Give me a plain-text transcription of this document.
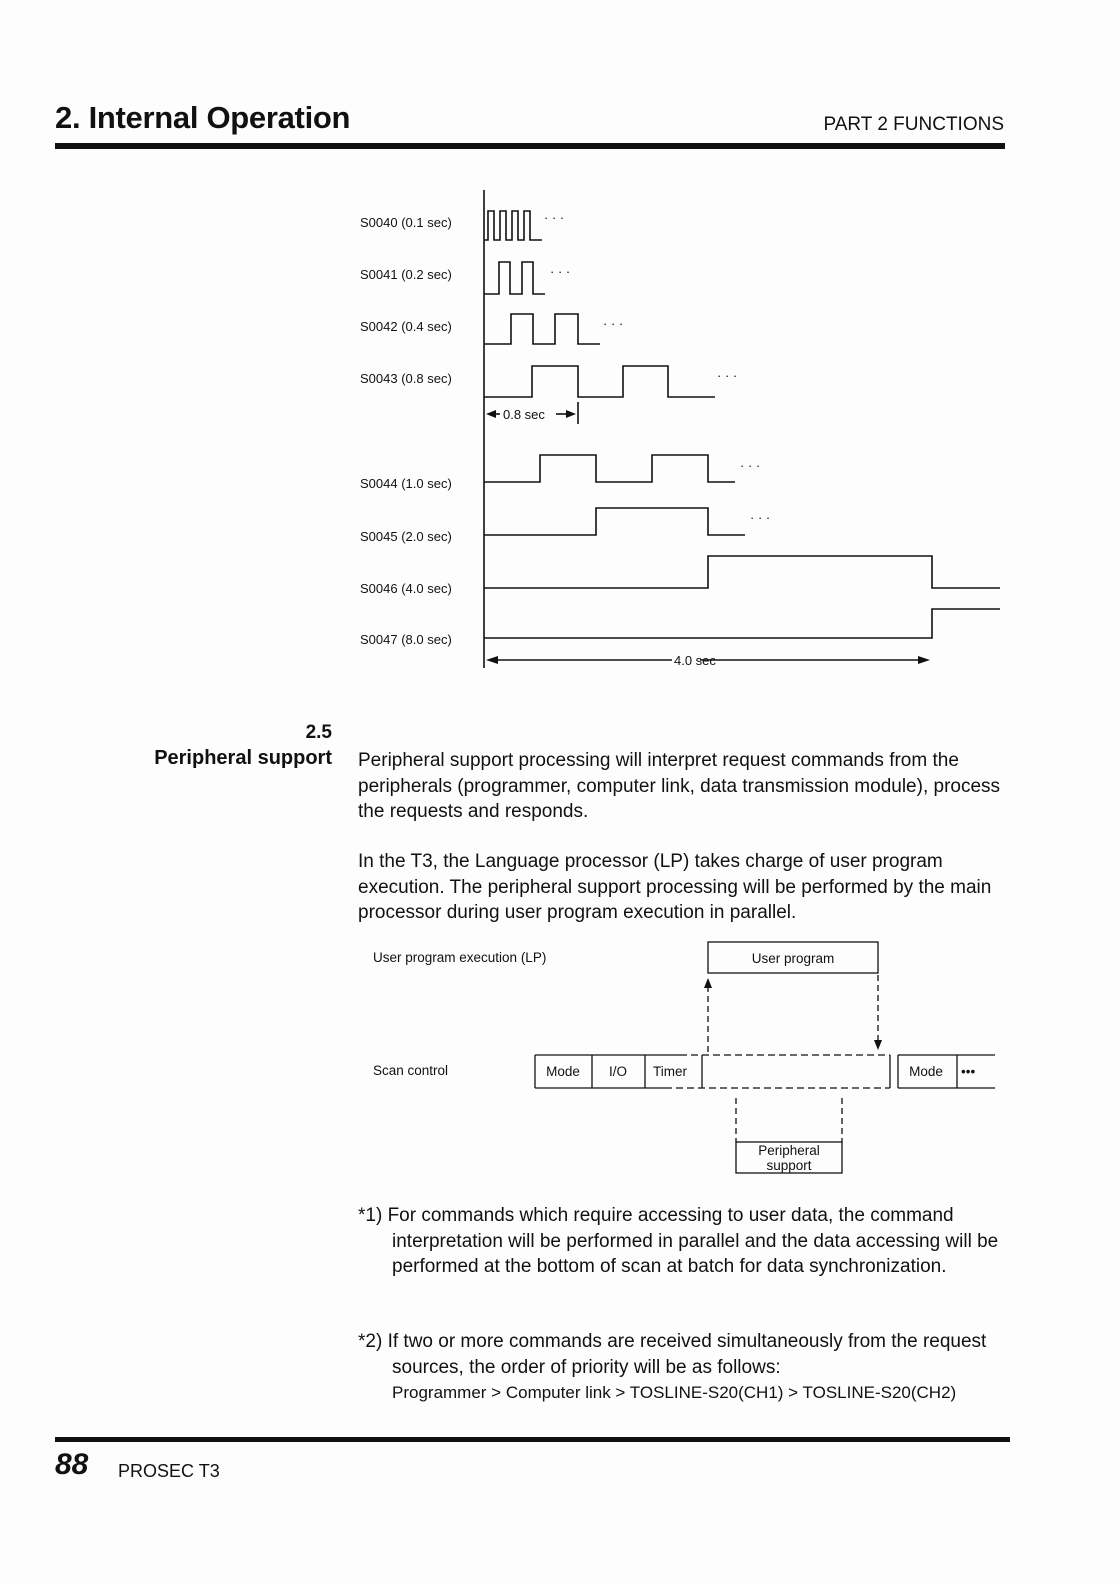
2. Internal Operation	PART 2 FUNCTIONS
S0040 (0.1 sec)
S0041 (0.2 sec)
S0042 (0.4 sec)
S0043 (0.8 sec)
S0044 (1.0 sec)
S0045 (2.0 sec)
S0046 (4.0 sec)
S0047 (8.0 sec)
0.8 sec
4.0 sec
· · ·
· · ·
· · ·
· · ·
· · ·
· · ·
2.5
Peripheral support Peripheral support processing will interpret request commands from the peripherals (programmer, computer link, data transmission module), process the requests and responds.
In the T3, the Language processor (LP) takes charge of user program execution. The peripheral support processing will be performed by the main processor during user program execution in parallel.
User program execution (LP)
Scan control
User program
Mode I/O Timer	Mode •••
Peripheral
support
*1) For commands which require accessing to user data, the command interpretation will be performed in parallel and the data accessing will be performed at the bottom of scan at batch for data synchronization.
*2) If two or more commands are received simultaneously from the request sources, the order of priority will be as follows:
Programmer > Computer link > TOSLINE-S20(CH1) > TOSLINE-S20(CH2)
88 PROSEC T3
